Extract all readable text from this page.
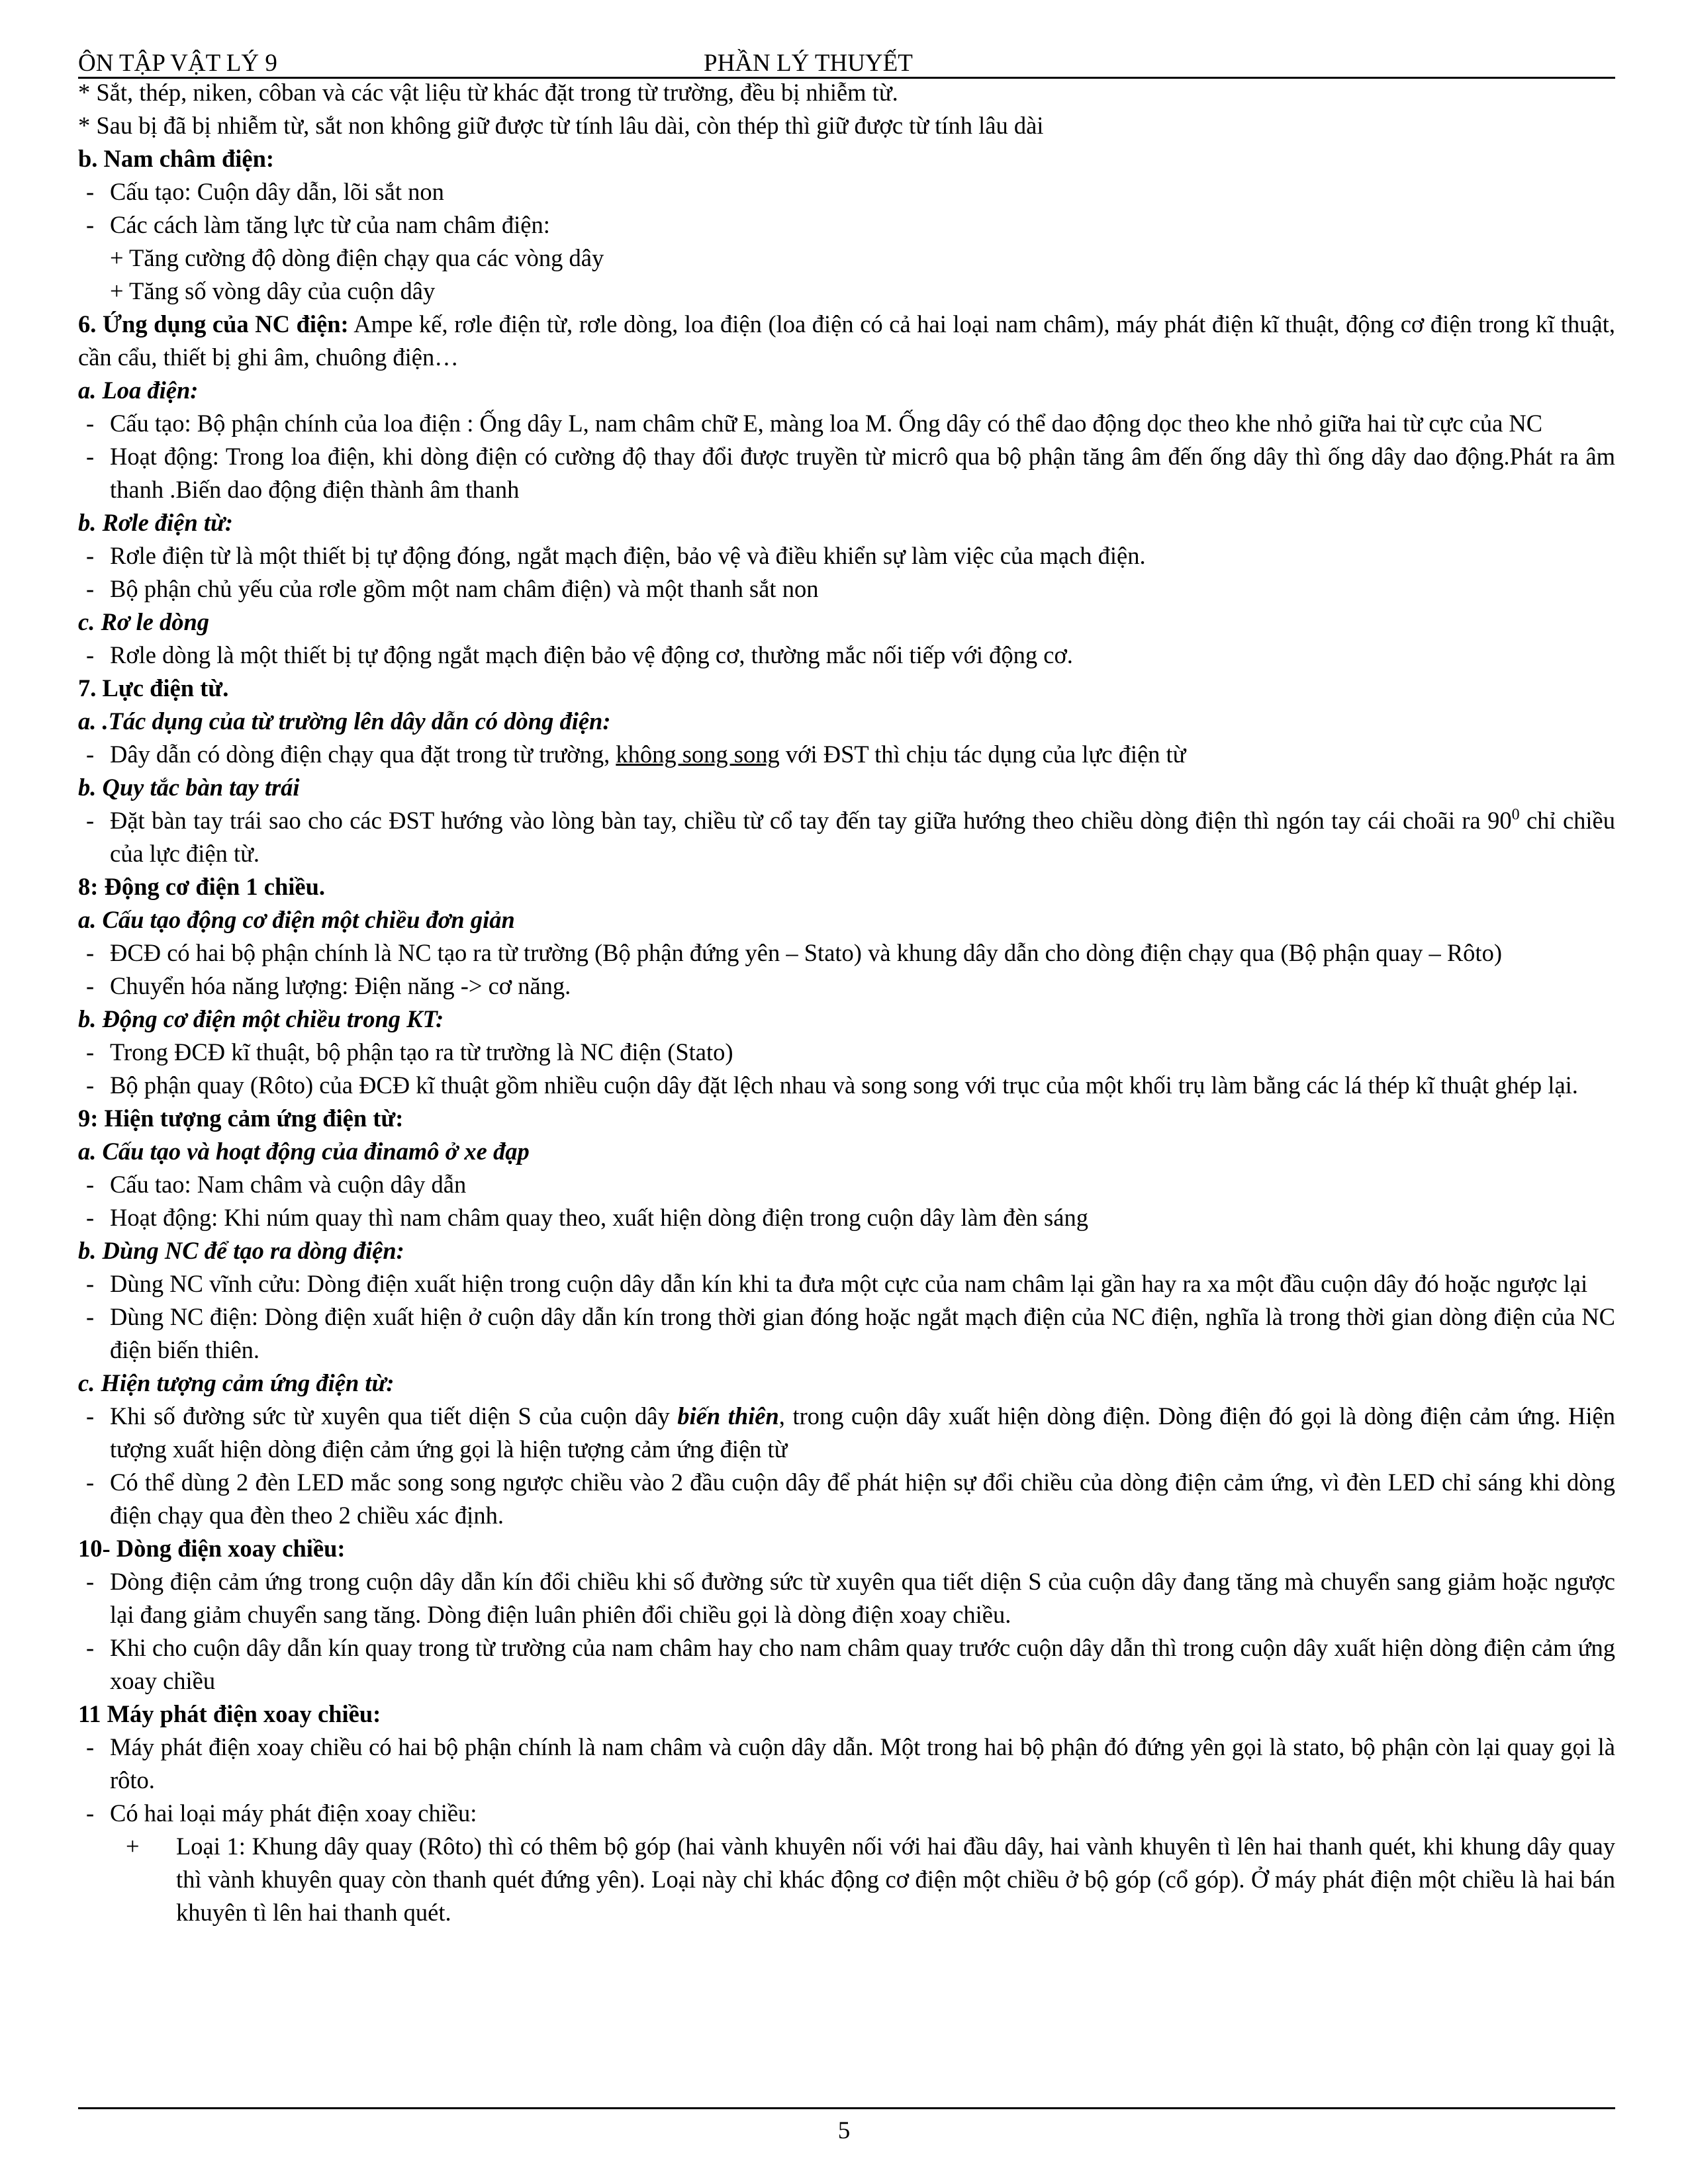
ÔN TẬP VẬT LÝ 9	PHẦN LÝ THUYẾT
* Sắt, thép, niken, côban và các vật liệu từ khác đặt trong từ trường, đều bị nhiễm từ.
* Sau bị đã bị nhiễm từ, sắt non không giữ được từ tính lâu dài, còn thép thì giữ được từ tính lâu dài
b. Nam châm điện:
- Cấu tạo: Cuộn dây dẫn, lõi sắt non
- Các cách làm tăng lực từ của nam châm điện:
+ Tăng cường độ dòng điện chạy qua các vòng dây
+ Tăng số vòng dây của cuộn dây
6. Ứng dụng của NC điện: Ampe kế, rơle điện từ, rơle dòng, loa điện (loa điện có cả hai loại nam châm), máy phát điện kĩ thuật, động cơ điện trong kĩ thuật, cần cẩu, thiết bị ghi âm, chuông điện…
a. Loa điện:
- Cấu tạo: Bộ phận chính của loa điện : Ống dây L, nam châm chữ E, màng loa M. Ống dây có thể dao động dọc theo khe nhỏ giữa hai từ cực của NC
- Hoạt động: Trong loa điện, khi dòng điện có cường độ thay đổi được truyền từ micrô qua bộ phận tăng âm đến ống dây thì ống dây dao động.Phát ra âm thanh .Biến dao động điện thành âm thanh
b. Rơle điện từ:
- Rơle điện từ là một thiết bị tự động đóng, ngắt mạch điện, bảo vệ và điều khiển sự làm việc của mạch điện.
- Bộ phận chủ yếu của rơle gồm một nam châm điện) và một thanh sắt non
c. Rơ le dòng
- Rơle dòng là một thiết bị tự động ngắt mạch điện bảo vệ động cơ, thường mắc nối tiếp với động cơ.
7. Lực điện từ.
a. .Tác dụng của từ trường lên dây dẫn có dòng điện:
- Dây dẫn có dòng điện chạy qua đặt trong từ trường, không song song với ĐST thì chịu tác dụng của lực điện từ
b. Quy tắc bàn tay trái
- Đặt bàn tay trái sao cho các ĐST hướng vào lòng bàn tay, chiều từ cổ tay đến tay giữa hướng theo chiều dòng điện thì ngón tay cái choãi ra $90^0$ chỉ chiều của lực điện từ.
8: Động cơ điện 1 chiều.
a. Cấu tạo động cơ điện một chiều đơn giản
- ĐCĐ có hai bộ phận chính là NC tạo ra từ trường (Bộ phận đứng yên – Stato) và khung dây dẫn cho dòng điện chạy qua (Bộ phận quay – Rôto)
- Chuyển hóa năng lượng: Điện năng -> cơ năng.
b. Động cơ điện một chiều trong KT:
- Trong ĐCĐ kĩ thuật, bộ phận tạo ra từ trường là NC điện (Stato)
- Bộ phận quay (Rôto) của ĐCĐ kĩ thuật gồm nhiều cuộn dây đặt lệch nhau và song song với trục của một khối trụ làm bằng các lá thép kĩ thuật ghép lại.
9: Hiện tượng cảm ứng điện từ:
a. Cấu tạo và hoạt động của đinamô ở xe đạp
- Cấu tao: Nam châm và cuộn dây dẫn
- Hoạt động: Khi núm quay thì nam châm quay theo, xuất hiện dòng điện trong cuộn dây làm đèn sáng
b. Dùng NC để tạo ra dòng điện:
- Dùng NC vĩnh cửu: Dòng điện xuất hiện trong cuộn dây dẫn kín khi ta đưa một cực của nam châm lại gần hay ra xa một đầu cuộn dây đó hoặc ngược lại
- Dùng NC điện: Dòng điện xuất hiện ở cuộn dây dẫn kín trong thời gian đóng hoặc ngắt mạch điện của NC điện, nghĩa là trong thời gian dòng điện của NC điện biến thiên.
c. Hiện tượng cảm ứng điện từ:
- Khi số đường sức từ xuyên qua tiết diện S của cuộn dây biến thiên, trong cuộn dây xuất hiện dòng điện. Dòng điện đó gọi là dòng điện cảm ứng. Hiện tượng xuất hiện dòng điện cảm ứng gọi là hiện tượng cảm ứng điện từ
- Có thể dùng 2 đèn LED mắc song song ngược chiều vào 2 đầu cuộn dây để phát hiện sự đổi chiều của dòng điện cảm ứng, vì đèn LED chỉ sáng khi dòng điện chạy qua đèn theo 2 chiều xác định.
10- Dòng điện xoay chiều:
- Dòng điện cảm ứng trong cuộn dây dẫn kín đổi chiều khi số đường sức từ xuyên qua tiết diện S của cuộn dây đang tăng mà chuyển sang giảm hoặc ngược lại đang giảm chuyển sang tăng. Dòng điện luân phiên đổi chiều gọi là dòng điện xoay chiều.
- Khi cho cuộn dây dẫn kín quay trong từ trường của nam châm hay cho nam châm quay trước cuộn dây dẫn thì trong cuộn dây xuất hiện dòng điện cảm ứng xoay chiều
11 Máy phát điện xoay chiều:
- Máy phát điện xoay chiều có hai bộ phận chính là nam châm và cuộn dây dẫn. Một trong hai bộ phận đó đứng yên gọi là stato, bộ phận còn lại quay gọi là rôto.
- Có hai loại máy phát điện xoay chiều:
+ Loại 1: Khung dây quay (Rôto) thì có thêm bộ góp (hai vành khuyên nối với hai đầu dây, hai vành khuyên tì lên hai thanh quét, khi khung dây quay thì vành khuyên quay còn thanh quét đứng yên). Loại này chỉ khác động cơ điện một chiều ở bộ góp (cổ góp). Ở máy phát điện một chiều là hai bán khuyên tì lên hai thanh quét.
5
